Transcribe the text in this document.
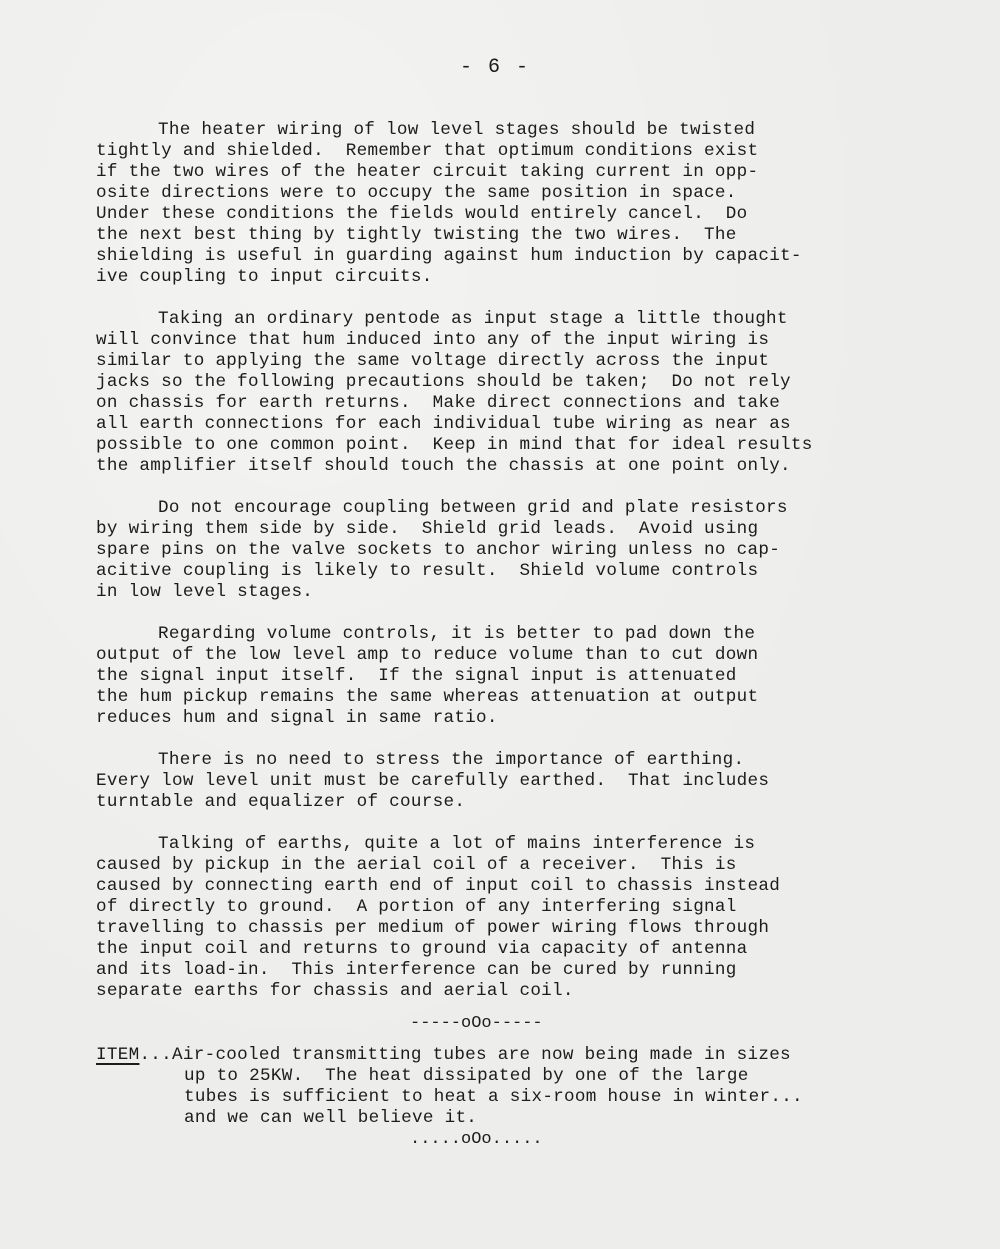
- 6 -
The heater wiring of low level stages should be twisted
tightly and shielded.  Remember that optimum conditions exist
if the two wires of the heater circuit taking current in opp-
osite directions were to occupy the same position in space.
Under these conditions the fields would entirely cancel.  Do
the next best thing by tightly twisting the two wires.  The
shielding is useful in guarding against hum induction by capacit-
ive coupling to input circuits.
Taking an ordinary pentode as input stage a little thought
will convince that hum induced into any of the input wiring is
similar to applying the same voltage directly across the input
jacks so the following precautions should be taken;  Do not rely
on chassis for earth returns.  Make direct connections and take
all earth connections for each individual tube wiring as near as
possible to one common point.  Keep in mind that for ideal results
the amplifier itself should touch the chassis at one point only.
Do not encourage coupling between grid and plate resistors
by wiring them side by side.  Shield grid leads.  Avoid using
spare pins on the valve sockets to anchor wiring unless no cap-
acitive coupling is likely to result.  Shield volume controls
in low level stages.
Regarding volume controls, it is better to pad down the
output of the low level amp to reduce volume than to cut down
the signal input itself.  If the signal input is attenuated
the hum pickup remains the same whereas attenuation at output
reduces hum and signal in same ratio.
There is no need to stress the importance of earthing.
Every low level unit must be carefully earthed.  That includes
turntable and equalizer of course.
Talking of earths, quite a lot of mains interference is
caused by pickup in the aerial coil of a receiver.  This is
caused by connecting earth end of input coil to chassis instead
of directly to ground.  A portion of any interfering signal
travelling to chassis per medium of power wiring flows through
the input coil and returns to ground via capacity of antenna
and its load-in.  This interference can be cured by running
separate earths for chassis and aerial coil.
-----oOo-----
ITEM...Air-cooled transmitting tubes are now being made in sizes
up to 25KW.  The heat dissipated by one of the large
tubes is sufficient to heat a six-room house in winter...
and we can well believe it.
.....oOo.....
